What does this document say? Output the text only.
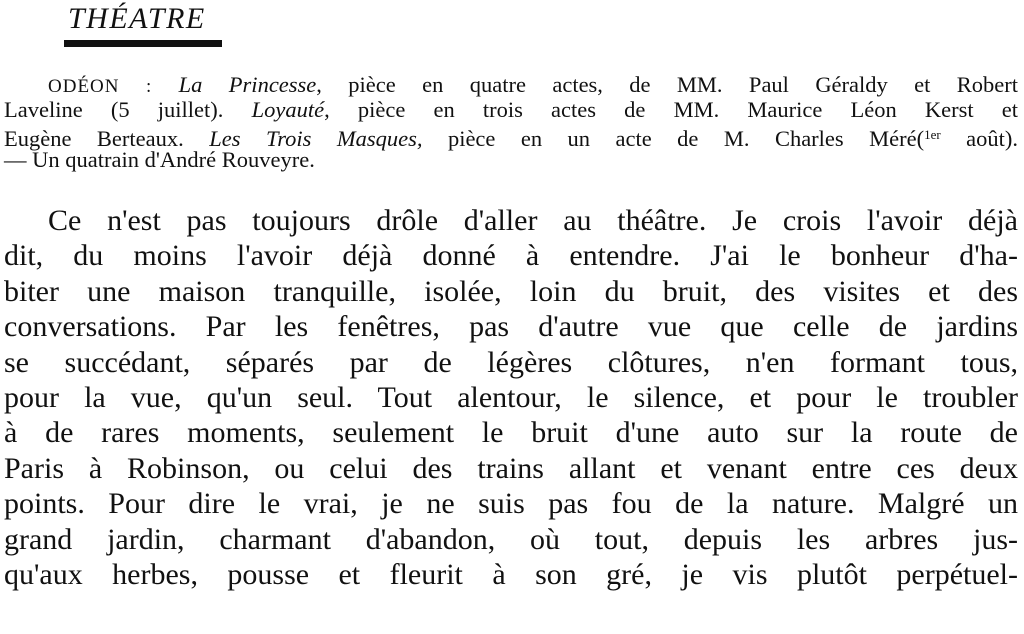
THÉATRE
ODÉON : La Princesse, pièce en quatre actes, de MM. Paul Géraldy et Robert
Laveline (5 juillet). Loyauté, pièce en trois actes de MM. Maurice Léon Kerst et
Eugène Berteaux. Les Trois Masques, pièce en un acte de M. Charles Méré($^{1er}$ août).
— Un quatrain d'André Rouveyre.
Ce n'est pas toujours drôle d'aller au théâtre. Je crois l'avoir déjà
dit, du moins l'avoir déjà donné à entendre. J'ai le bonheur d'ha-
biter une maison tranquille, isolée, loin du bruit, des visites et des
conversations. Par les fenêtres, pas d'autre vue que celle de jardins
se succédant, séparés par de légères clôtures, n'en formant tous,
pour la vue, qu'un seul. Tout alentour, le silence, et pour le troubler
à de rares moments, seulement le bruit d'une auto sur la route de
Paris à Robinson, ou celui des trains allant et venant entre ces deux
points. Pour dire le vrai, je ne suis pas fou de la nature. Malgré un
grand jardin, charmant d'abandon, où tout, depuis les arbres jus-
qu'aux herbes, pousse et fleurit à son gré, je vis plutôt perpétuel-
